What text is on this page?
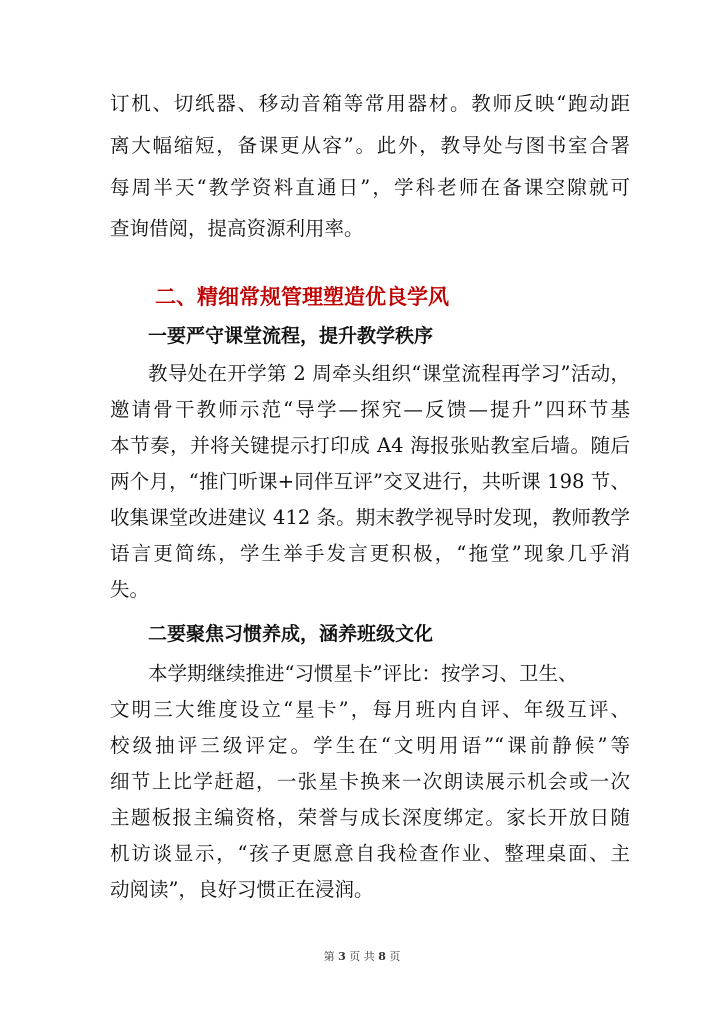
订机、切纸器、移动音箱等常用器材。教师反映“跑动距
离大幅缩短，备课更从容”。此外，教导处与图书室合署
每周半天“教学资料直通日”，学科老师在备课空隙就可
查询借阅，提高资源利用率。
二、精细常规管理塑造优良学风
一要严守课堂流程，提升教学秩序
教导处在开学第 2 周牵头组织“课堂流程再学习”活动，
邀请骨干教师示范“导学—探究—反馈—提升”四环节基
本节奏，并将关键提示打印成 A4 海报张贴教室后墙。随后
两个月，“推门听课+同伴互评”交叉进行，共听课 198 节、
收集课堂改进建议 412 条。期末教学视导时发现，教师教学
语言更简练，学生举手发言更积极，“拖堂”现象几乎消
失。
二要聚焦习惯养成，涵养班级文化
本学期继续推进“习惯星卡”评比：按学习、卫生、
文明三大维度设立“星卡”，每月班内自评、年级互评、
校级抽评三级评定。学生在“文明用语”“课前静候”等
细节上比学赶超，一张星卡换来一次朗读展示机会或一次
主题板报主编资格，荣誉与成长深度绑定。家长开放日随
机访谈显示，“孩子更愿意自我检查作业、整理桌面、主
动阅读”，良好习惯正在浸润。
第 3 页 共 8 页
